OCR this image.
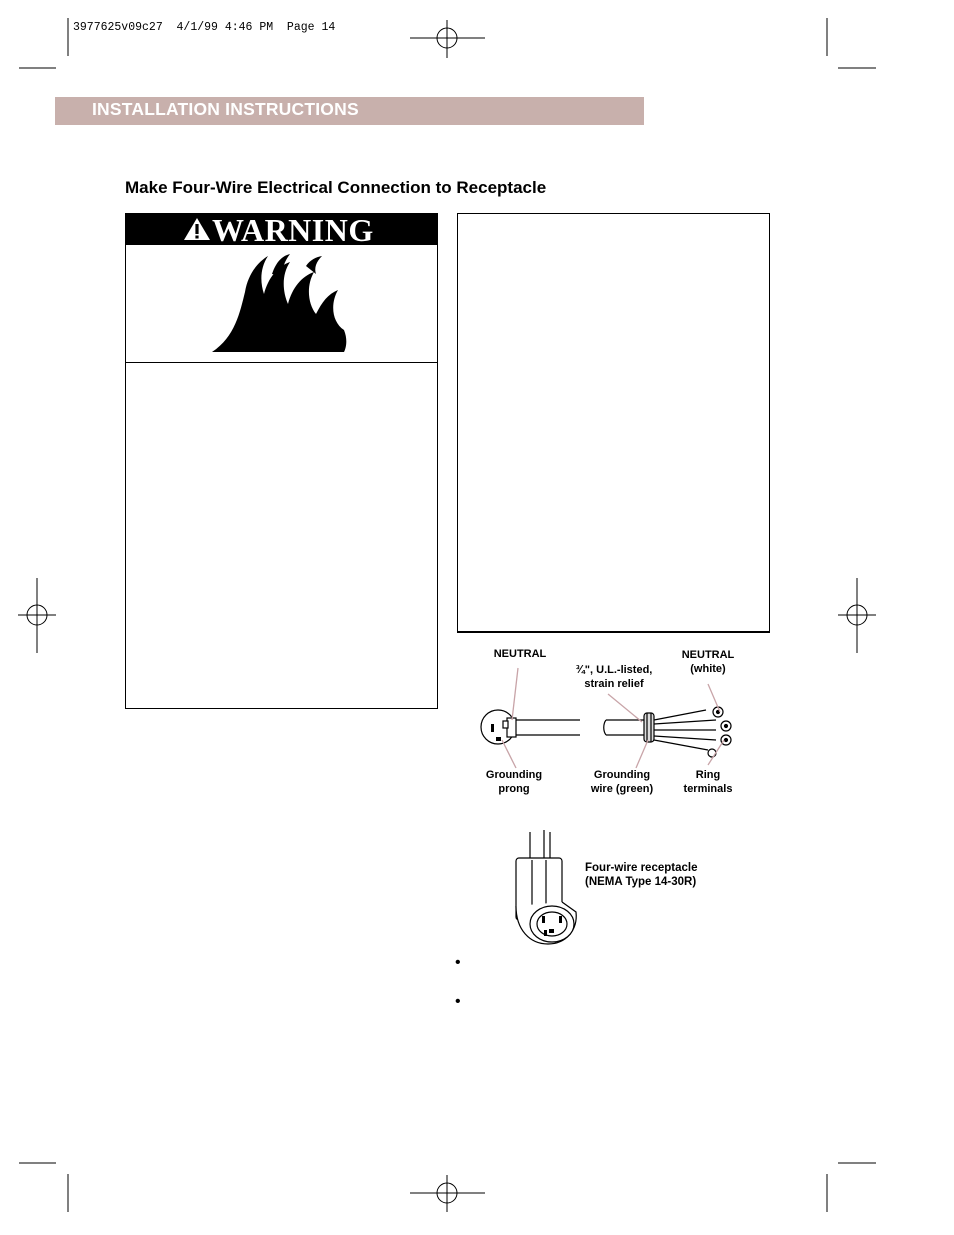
3977625v09c27  4/1/99 4:46 PM  Page 14
INSTALLATION INSTRUCTIONS
Make Four-Wire Electrical Connection to Receptacle
WARNING
NEUTRAL
¾", U.L.-listed,
strain relief
NEUTRAL
(white)
Grounding
prong
Grounding
wire (green)
Ring
terminals
Four-wire receptacle
(NEMA Type 14-30R)
•
•
